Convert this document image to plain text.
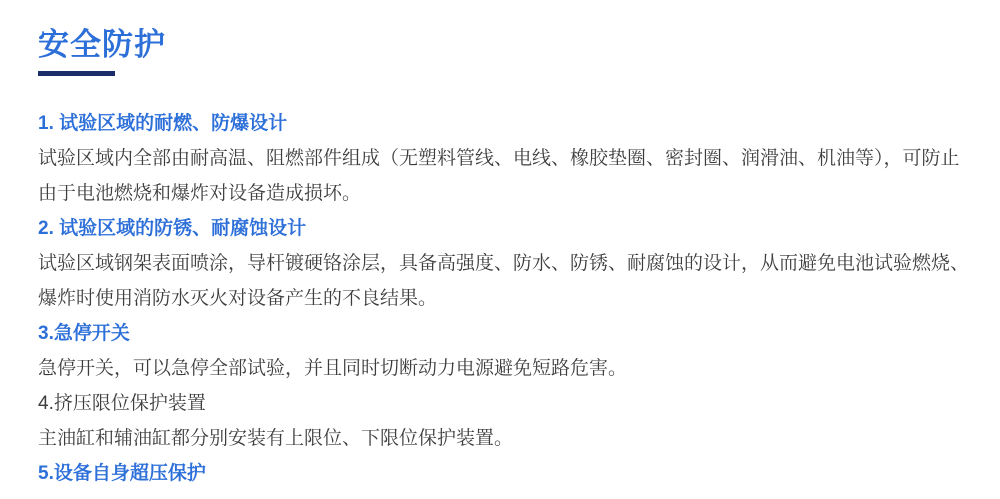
安全防护
1. 试验区域的耐燃、防爆设计

试验区域内全部由耐高温、阻燃部件组成（无塑料管线、电线、橡胶垫圈、密封圈、润滑油、机油等），可防止由于电池燃烧和爆炸对设备造成损坏。

2. 试验区域的防锈、耐腐蚀设计

试验区域钢架表面喷涂，导杆镀硬铬涂层，具备高强度、防水、防锈、耐腐蚀的设计，从而避免电池试验燃烧、爆炸时使用消防水灭火对设备产生的不良结果。

3.急停开关

急停开关，可以急停全部试验，并且同时切断动力电源避免短路危害。

4.挤压限位保护装置

主油缸和辅油缸都分别安装有上限位、下限位保护装置。

5.设备自身超压保护
